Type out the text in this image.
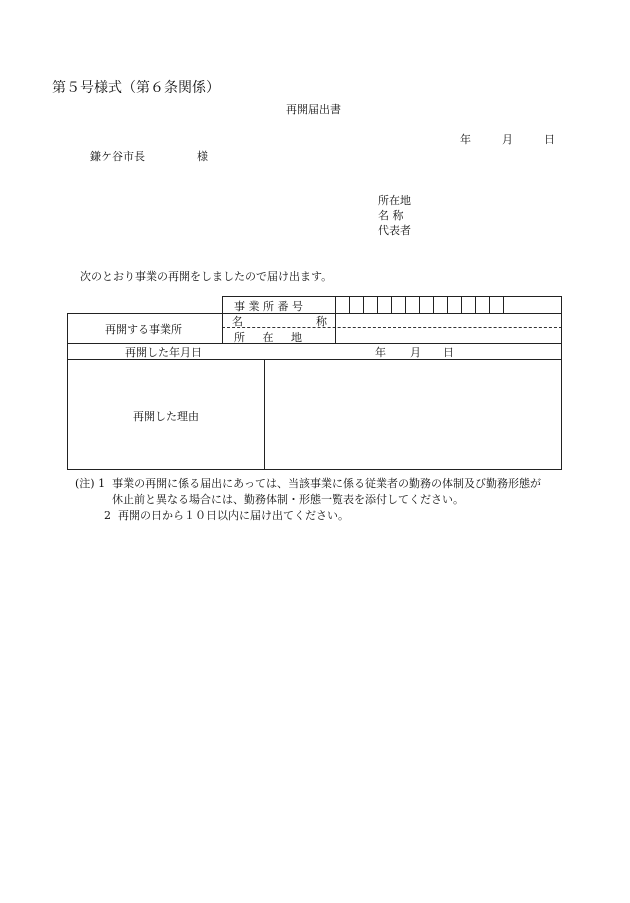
第５号様式（第６条関係）
再開届出書
年	月	日
鎌ケ谷市長	様
所在地
名 称
代表者
次のとおり事業の再開をしましたので届け出ます。
事 業 所 番 号
再開する事業所
名	称
所 在 地
再開した年月日	年 月 日
再開した理由
(注) 1 事業の再開に係る届出にあっては、当該事業に係る従業者の勤務の体制及び勤務形態が
休止前と異なる場合には、勤務体制・形態一覧表を添付してください。
2 再開の日から１０日以内に届け出てください。
